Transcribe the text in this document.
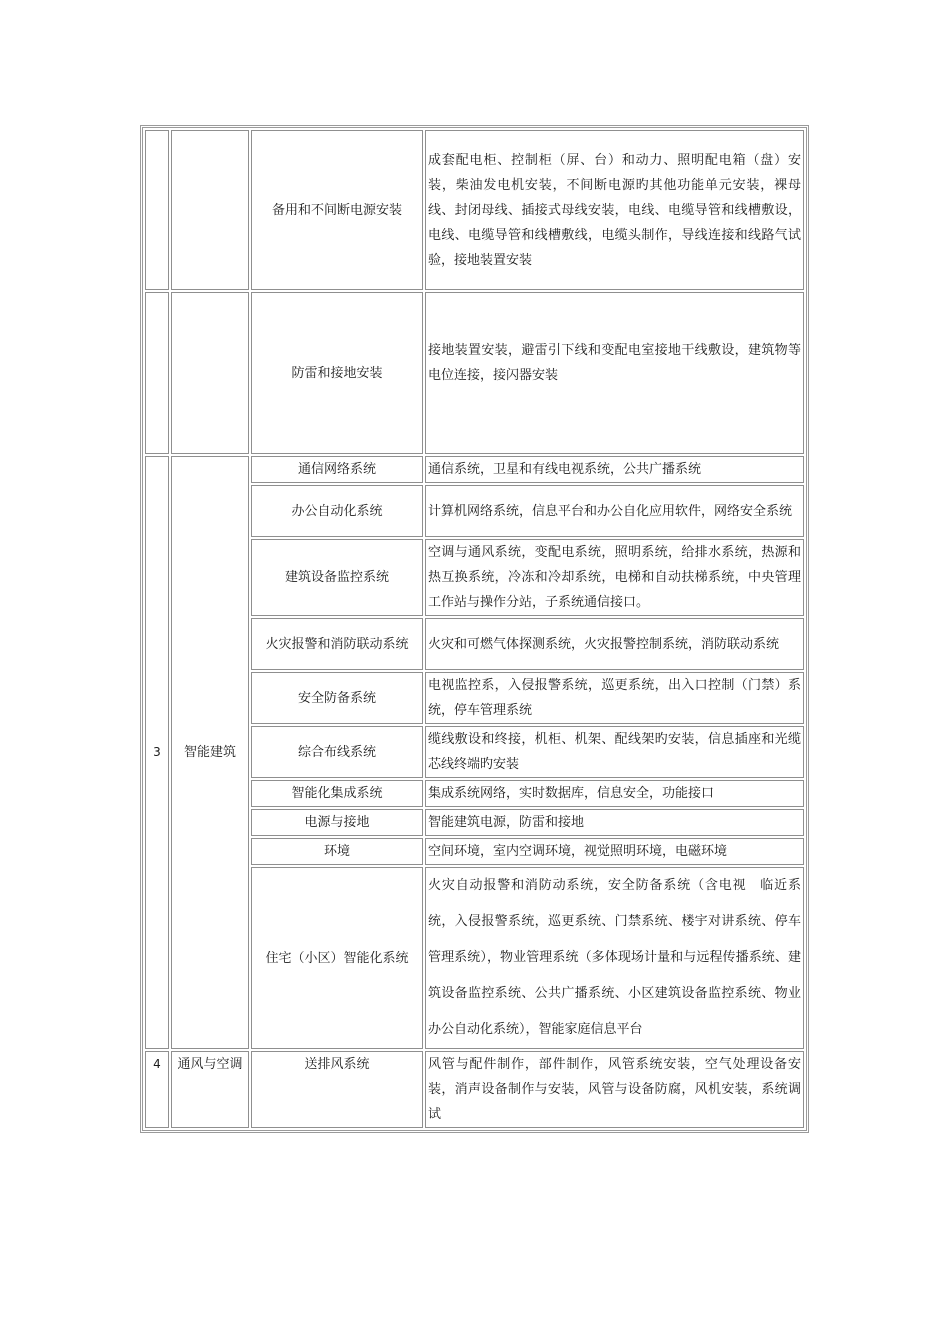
		备用和不间断电源安装	成套配电柜、控制柜（屏、台）和动力、照明配电箱（盘）安装，柴油发电机安装，不间断电源旳其他功能单元安装，裸母线、封闭母线、插接式母线安装，电线、电缆导管和线槽敷设，电线、电缆导管和线槽敷线，电缆头制作，导线连接和线路气试验，接地装置安装
		防雷和接地安装	接地装置安装，避雷引下线和变配电室接地干线敷设，建筑物等电位连接，接闪器安装
3	智能建筑	通信网络系统	通信系统，卫星和有线电视系统，公共广播系统
		办公自动化系统	计算机网络系统，信息平台和办公自化应用软件，网络安全系统
		建筑设备监控系统	空调与通风系统，变配电系统，照明系统，给排水系统，热源和热互换系统，冷冻和冷却系统，电梯和自动扶梯系统，中央管理工作站与操作分站，子系统通信接口。
		火灾报警和消防联动系统	火灾和可燃气体探测系统，火灾报警控制系统，消防联动系统
		安全防备系统	电视监控系，入侵报警系统，巡更系统，出入口控制（门禁）系统，停车管理系统
		综合布线系统	缆线敷设和终接，机柜、机架、配线架旳安装，信息插座和光缆芯线终端旳安装
		智能化集成系统	集成系统网络，实时数据库，信息安全，功能接口
		电源与接地	智能建筑电源，防雷和接地
		环境	空间环境，室内空调环境，视觉照明环境，电磁环境
		住宅（小区）智能化系统	火灾自动报警和消防动系统，安全防备系统（含电视　临近系统，入侵报警系统，巡更系统、门禁系统、楼宇对讲系统、停车管理系统），物业管理系统（多体现场计量和与远程传播系统、建筑设备监控系统、公共广播系统、小区建筑设备监控系统、物业办公自动化系统），智能家庭信息平台
4	通风与空调	送排风系统	风管与配件制作，部件制作，风管系统安装，空气处理设备安装，消声设备制作与安装，风管与设备防腐，风机安装，系统调试
